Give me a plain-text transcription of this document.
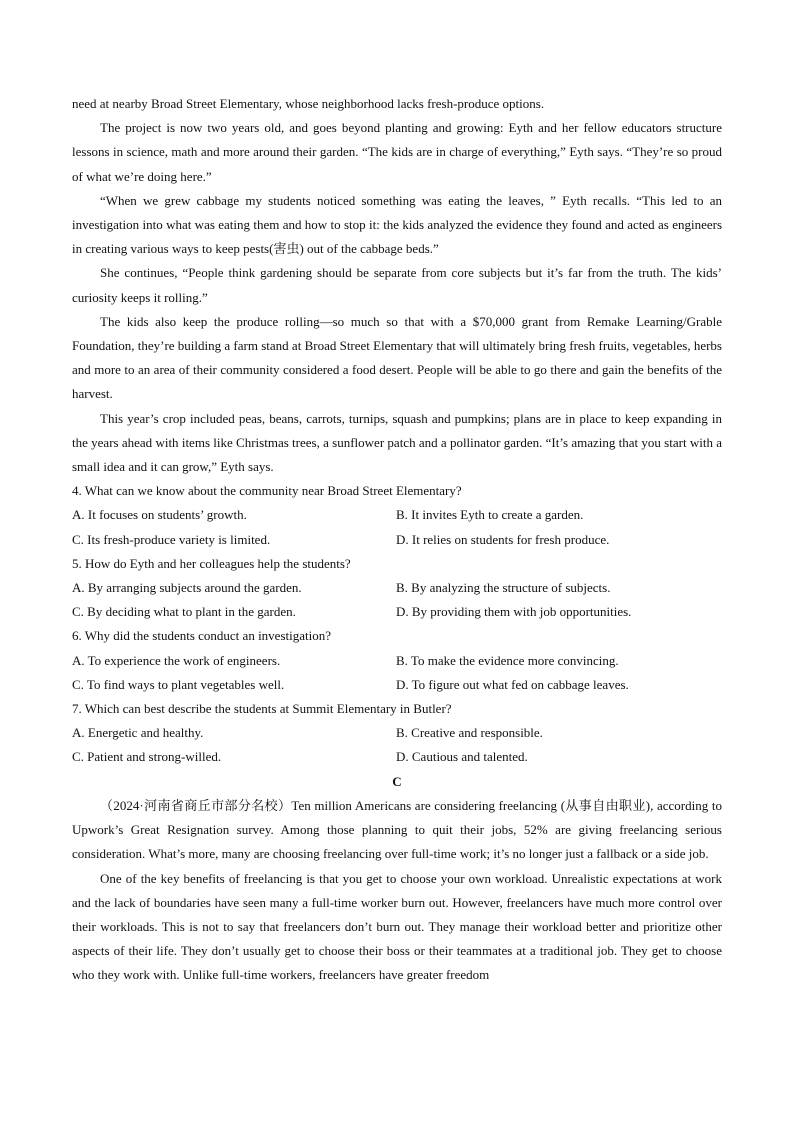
need at nearby Broad Street Elementary, whose neighborhood lacks fresh-produce options.

The project is now two years old, and goes beyond planting and growing: Eyth and her fellow educators structure lessons in science, math and more around their garden. “The kids are in charge of everything,” Eyth says. “They’re so proud of what we’re doing here.”

“When we grew cabbage my students noticed something was eating the leaves, ” Eyth recalls. “This led to an investigation into what was eating them and how to stop it: the kids analyzed the evidence they found and acted as engineers in creating various ways to keep pests(害虫) out of the cabbage beds.”

She continues, “People think gardening should be separate from core subjects but it’s far from the truth. The kids’ curiosity keeps it rolling.”

The kids also keep the produce rolling—so much so that with a $70,000 grant from Remake Learning/Grable Foundation, they’re building a farm stand at Broad Street Elementary that will ultimately bring fresh fruits, vegetables, herbs and more to an area of their community considered a food desert. People will be able to go there and gain the benefits of the harvest.

This year’s crop included peas, beans, carrots, turnips, squash and pumpkins; plans are in place to keep expanding in the years ahead with items like Christmas trees, a sunflower patch and a pollinator garden. “It’s amazing that you start with a small idea and it can grow,” Eyth says.

4. What can we know about the community near Broad Street Elementary?

A. It focuses on students’ growth.	B. It invites Eyth to create a garden.
C. Its fresh-produce variety is limited.	D. It relies on students for fresh produce.

5. How do Eyth and her colleagues help the students?

A. By arranging subjects around the garden.	B. By analyzing the structure of subjects.
C. By deciding what to plant in the garden.	D. By providing them with job opportunities.

6. Why did the students conduct an investigation?

A. To experience the work of engineers.	B. To make the evidence more convincing.
C. To find ways to plant vegetables well.	D. To figure out what fed on cabbage leaves.

7. Which can best describe the students at Summit Elementary in Butler?

A. Energetic and healthy.	B. Creative and responsible.
C. Patient and strong-willed.	D. Cautious and talented.

C

（2024·河南省商丘市部分名校）Ten million Americans are considering freelancing (从事自由职业), according to Upwork’s Great Resignation survey. Among those planning to quit their jobs, 52% are giving freelancing serious consideration. What’s more, many are choosing freelancing over full-time work; it’s no longer just a fallback or a side job.

One of the key benefits of freelancing is that you get to choose your own workload. Unrealistic expectations at work and the lack of boundaries have seen many a full-time worker burn out. However, freelancers have much more control over their workloads. This is not to say that freelancers don’t burn out. They manage their workload better and prioritize other aspects of their life. They don’t usually get to choose their boss or their teammates at a traditional job. They get to choose who they work with. Unlike full-time workers, freelancers have greater freedom
